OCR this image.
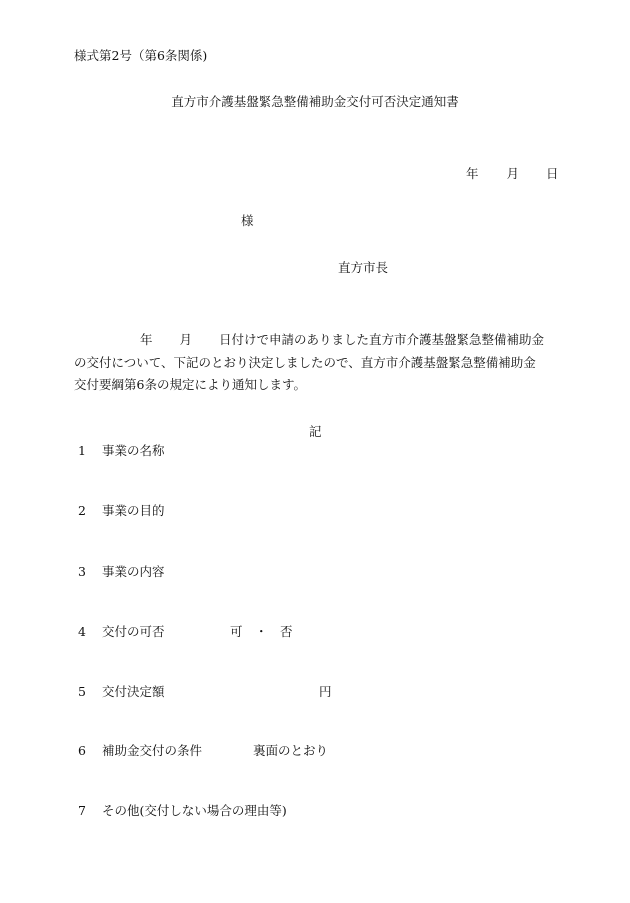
様式第2号（第6条関係)
直方市介護基盤緊急整備補助金交付可否決定通知書
年 月 日
様
直方市長
年 月 日付けで申請のありました直方市介護基盤緊急整備補助金
の交付について、下記のとおり決定しましたので、直方市介護基盤緊急整備補助金
交付要綱第6条の規定により通知します。
記
1 事業の名称
2 事業の目的
3 事業の内容
4 交付の可否	可　・　否
5 交付決定額	円
6 補助金交付の条件	裏面のとおり
7 その他(交付しない場合の理由等)
